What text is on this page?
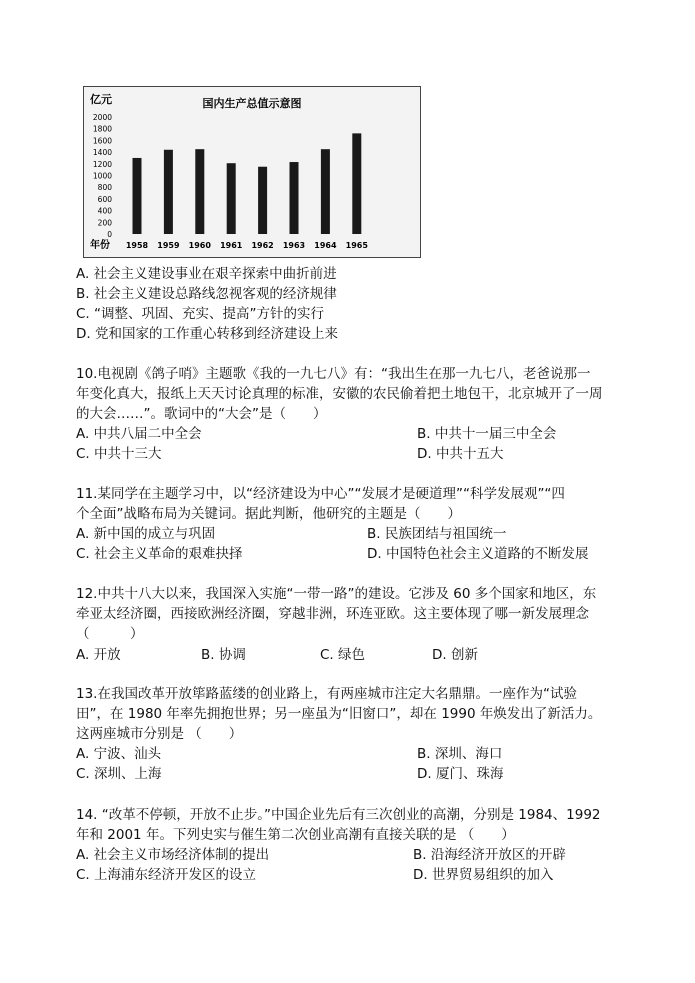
国内生产总值示意图
亿元
年份
2000
1800
1600
1400
1200
1000
800
600
400
200
0
1958 1959 1960 1961 1962 1963 1964 1965
A. 社会主义建设事业在艰辛探索中曲折前进
B. 社会主义建设总路线忽视客观的经济规律
C. “调整、巩固、充实、提高”方针的实行
D. 党和国家的工作重心转移到经济建设上来
10.电视剧《鸽子哨》主题歌《我的一九七八》有：“我出生在那一九七八，老爸说那一
年变化真大，报纸上天天讨论真理的标准，安徽的农民偷着把土地包干，北京城开了一周
的大会……”。歌词中的“大会”是（　　）
A. 中共八届二中全会	B. 中共十一届三中全会
C. 中共十三大	D. 中共十五大
11.某同学在主题学习中，以“经济建设为中心”“发展才是硬道理”“科学发展观”“四
个全面”战略布局为关键词。据此判断，他研究的主题是（　　）
A. 新中国的成立与巩固	B. 民族团结与祖国统一
C. 社会主义革命的艰难抉择	D. 中国特色社会主义道路的不断发展
12.中共十八大以来，我国深入实施“一带一路”的建设。它涉及 60 多个国家和地区，东
牵亚太经济圈，西接欧洲经济圈，穿越非洲，环连亚欧。这主要体现了哪一新发展理念
（　　　）
A. 开放	B. 协调	C. 绿色	D. 创新
13.在我国改革开放筚路蓝缕的创业路上，有两座城市注定大名鼎鼎。一座作为“试验
田”，在 1980 年率先拥抱世界；另一座虽为“旧窗口”，却在 1990 年焕发出了新活力。
这两座城市分别是 （　　）
A. 宁波、汕头	B. 深圳、海口
C. 深圳、上海	D. 厦门、珠海
14. “改革不停顿，开放不止步。”中国企业先后有三次创业的高潮，分别是 1984、1992
年和 2001 年。下列史实与催生第二次创业高潮有直接关联的是 （　　）
A. 社会主义市场经济体制的提出	B. 沿海经济开放区的开辟
C. 上海浦东经济开发区的设立	D. 世界贸易组织的加入
